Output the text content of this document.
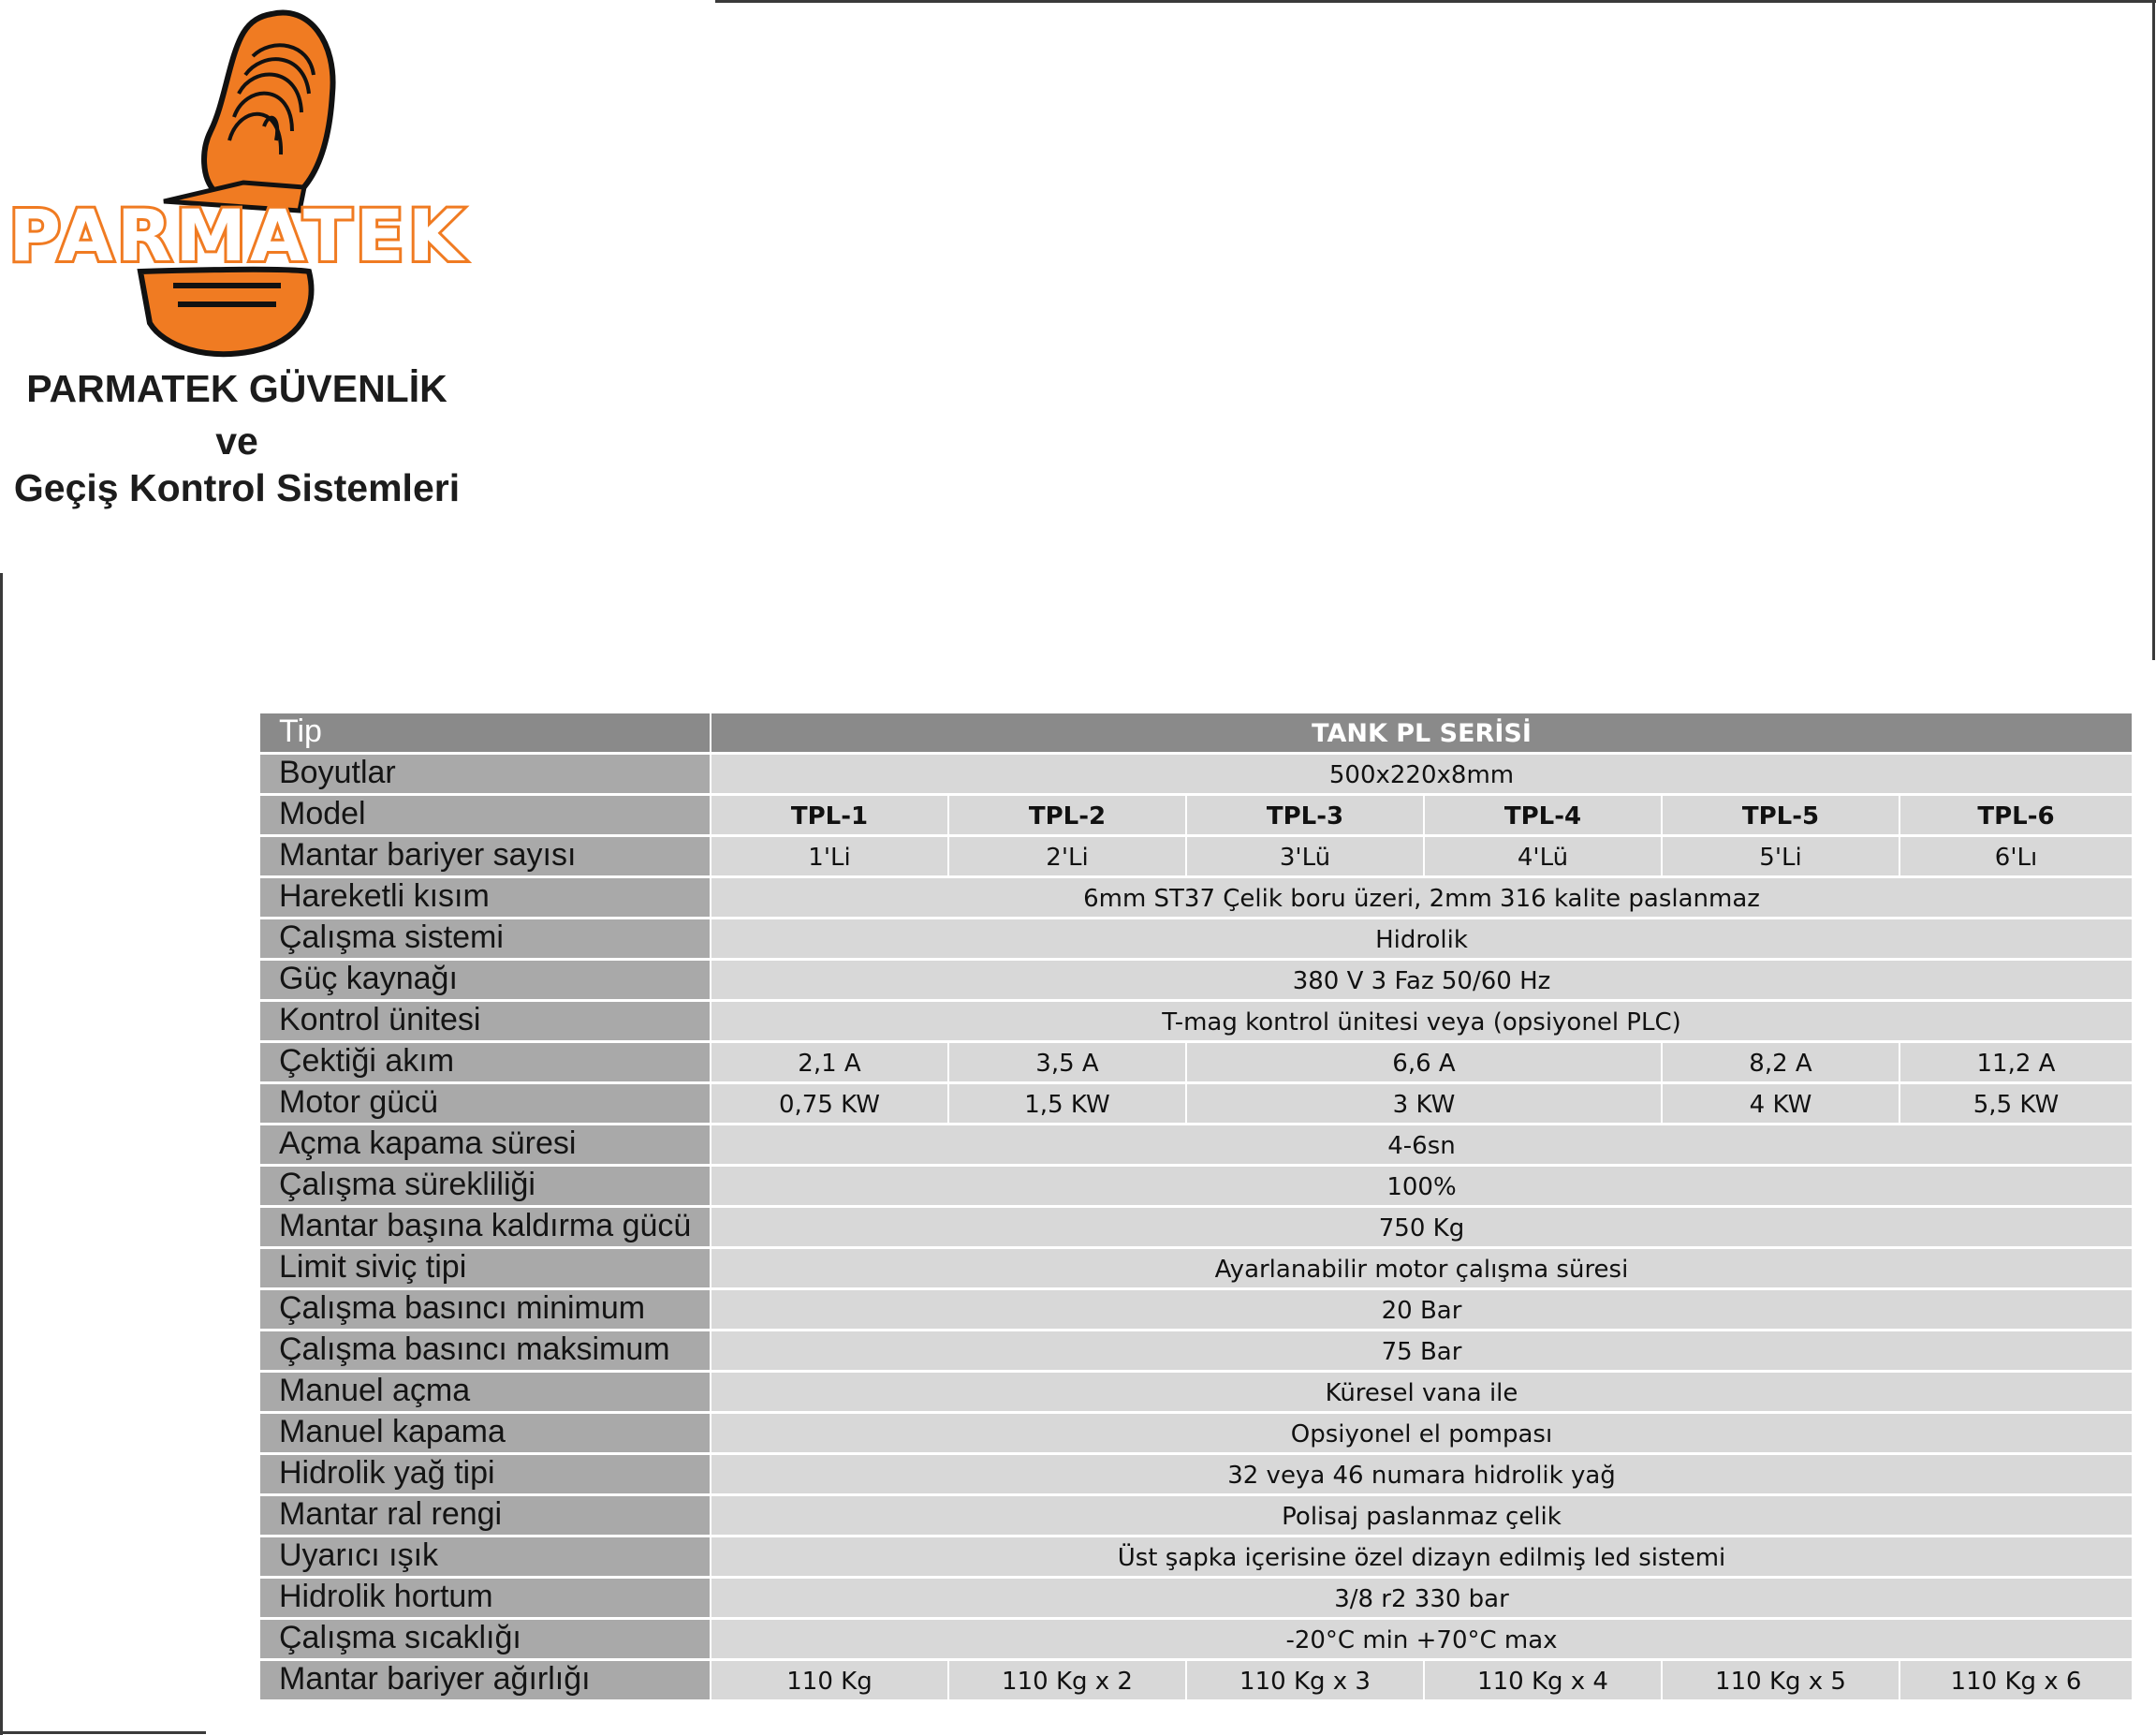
PARMATEK
PARMATEK GÜVENLİK
ve
Geçiş Kontrol Sistemleri
Tip	TANK PL SERİSİ
Boyutlar	500x220x8mm
Model	TPL-1	TPL-2	TPL-3	TPL-4	TPL-5	TPL-6
Mantar bariyer sayısı	1'Li	2'Li	3'Lü	4'Lü	5'Li	6'Lı
Hareketli kısım	6mm ST37 Çelik boru üzeri, 2mm 316 kalite paslanmaz
Çalışma sistemi	Hidrolik
Güç kaynağı	380 V 3 Faz 50/60 Hz
Kontrol ünitesi	T-mag kontrol ünitesi veya (opsiyonel PLC)
Çektiği akım	2,1 A	3,5 A	6,6 A	8,2 A	11,2 A
Motor gücü	0,75 KW	1,5 KW	3 KW	4 KW	5,5 KW
Açma kapama süresi	4-6sn
Çalışma sürekliliği	100%
Mantar başına kaldırma gücü	750 Kg
Limit siviç tipi	Ayarlanabilir motor çalışma süresi
Çalışma basıncı minimum	20 Bar
Çalışma basıncı maksimum	75 Bar
Manuel açma	Küresel vana ile
Manuel kapama	Opsiyonel el pompası
Hidrolik yağ tipi	32 veya 46 numara hidrolik yağ
Mantar ral rengi	Polisaj paslanmaz çelik
Uyarıcı ışık	Üst şapka içerisine özel dizayn edilmiş led sistemi
Hidrolik hortum	3/8 r2 330 bar
Çalışma sıcaklığı	-20°C min +70°C max
Mantar bariyer ağırlığı	110 Kg	110 Kg x 2	110 Kg x 3	110 Kg x 4	110 Kg x 5	110 Kg x 6
